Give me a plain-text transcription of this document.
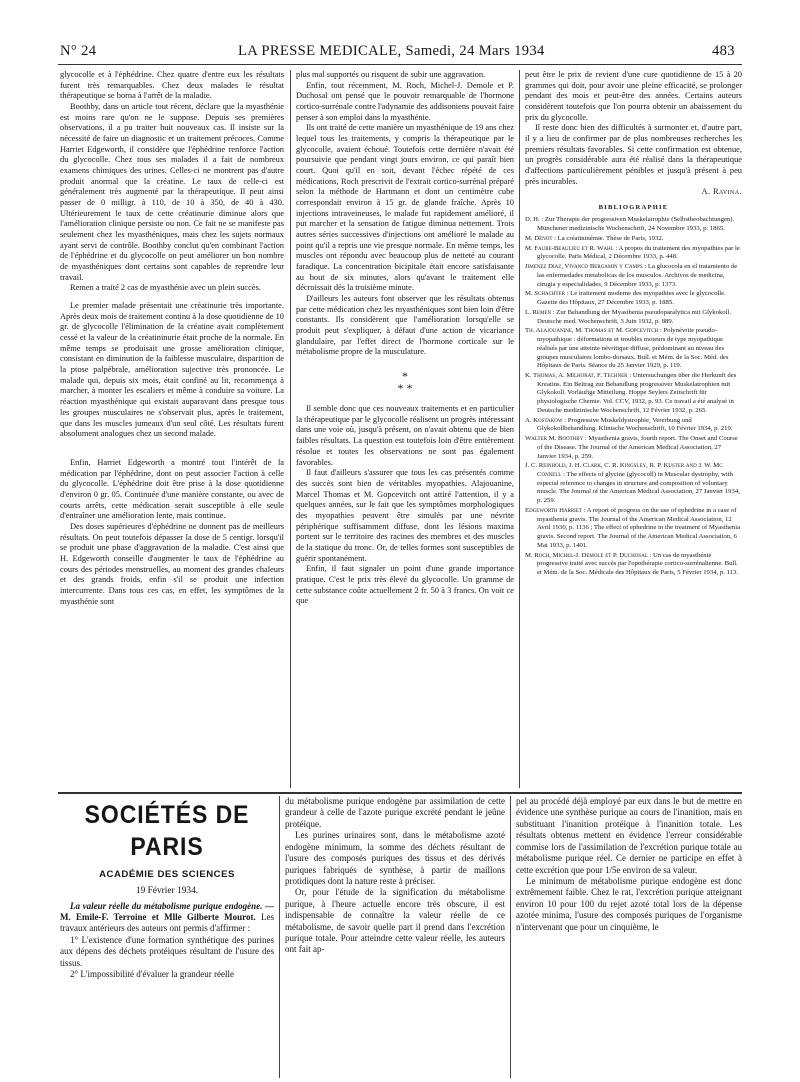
N° 24	LA PRESSE MEDICALE, Samedi, 24 Mars 1934	483

glycocolle et à l'éphédrine. Chez quatre d'entre eux les résultats furent très remarquables. Chez deux malades le résultat thérapeutique se borna à l'arrêt de la maladie.

Boothby, dans un article tout récent, déclare que la myasthénie est moins rare qu'on ne le suppose. Depuis ses premières observations, il a pu traiter huit nouveaux cas. Il insiste sur la nécessité de faire un diagnostic et un traitement précoces. Comme Harriet Edgeworth, il considère que l'éphédrine renforce l'action du glycocolle. Chez tous ses malades il a fait de nombreux examens chimiques des urines. Celles-ci ne montrent pas d'autre produit anormal que la créatine. Le taux de celle-ci est généralement très augmenté par la thérapeutique. Il peut ainsi passer de 0 milligr. à 110, de 10 à 350, de 40 à 430. Ultérieurement le taux de cette créatinurie diminue alors que l'amélioration clinique persiste ou non. Ce fait ne se manifeste pas seulement chez les myasthéniques, mais chez les sujets normaux ayant servi de contrôle. Boothby conclut qu'en combinant l'action de l'éphédrine et du glycocolle on peut améliorer un bon nombre de myasthéniques dont certains sont capables de reprendre leur travail.

Remen a traité 2 cas de myasthénie avec un plein succès.

Le premier malade présentait une créatinurie très importante. Après deux mois de traitement continu à la dose quotidienne de 10 gr. de glycocolle l'élimination de la créatine avait complètement cessé et la valeur de la créatininurie était proche de la normale. En même temps se produisait une grosse amélioration clinique, consistant en diminution de la faiblesse musculaire, disparition de la ptose palpébrale, amélioration sujective très prononcée. Le malade qui, depuis six mois, était confiné au lit, recommença à marcher, à monter les escaliers et même à conduire sa voiture. La réaction myasthénique qui existait auparavant dans presque tous les groupes musculaires ne s'observait plus, après le traitement, que dans les muscles jumeaux d'un seul côté. Les résultats furent absolument analogues chez un second malade.

Enfin, Harriet Edgeworth a montré tout l'intérêt de la médication par l'éphédrine, dont on peut associer l'action à celle du glycocolle. L'éphédrine doit être prise à la dose quotidienne d'environ 0 gr. 05. Continuée d'une manière constante, ou avec de courts arrêts, cette médication serait susceptible à elle seule d'entraîner une amélioration lente, mais continue.

Des doses supérieures d'éphédrine ne donnent pas de meilleurs résultats. On peut toutefois dépasser la dose de 5 centigr. lorsqu'il se produit une phase d'aggravation de la maladie. C'est ainsi que H. Edgeworth conseille d'augmenter le taux de l'éphédrine au cours des périodes menstruelles, au moment des grandes chaleurs et des grands froids, enfin s'il se produit une infection intercurrente. Dans tous ces cas, en effet, les symptômes de la myasthénie sont

plus mal supportés ou risquent de subir une aggravation.

Enfin, tout récemment, M. Roch, Michel-J. Demole et P. Duchosal ont pensé que le pouvoir remarquable de l'hormone cortico-surrénale contre l'adynamie des addisoniens pouvait faire penser à son emploi dans la myasthénie.

Ils ont traité de cette manière un myasthénique de 19 ans chez lequel tous les traitements, y compris la thérapeutique par le glycocolle, avaient échoué. Toutefois cette dernière n'avait été poursuivie que pendant vingt jours environ, ce qui paraît bien court. Quoi qu'il en soit, devant l'échec répété de ces médications, Roch prescrivit de l'extrait cortico-surrénal préparé selon la méthode de Hartmann et dont un centimètre cube correspondait environ à 15 gr. de glande fraîche. Après 10 injections intraveineuses, le malade fut rapidement amélioré, il put marcher et la sensation de fatigue diminua nettement. Trois autres séries successives d'injections ont amélioré le malade au point qu'il a repris une vie presque normale. En même temps, les muscles ont répondu avec beaucoup plus de netteté au courant faradique. La concentration bicipitale était encore satisfaisante au bout de six minutes, alors qu'avant le traitement elle décroissait dès la troisième minute.

D'ailleurs les auteurs font observer que les résultats obtenus par cette médication chez les myasthéniques sont bien loin d'être constants. Ils considèrent que l'amélioration lorsqu'elle se produit peut s'expliquer, à défaut d'une action de vicariance glandulaire, par l'effet direct de l'hormone corticale sur le métabolisme propre de la musculature.

*
* *

Il semble donc que ces nouveaux traitements et en particulier la thérapeutique par le glycocolle réalisent un progrès intéressant dans une voie où, jusqu'à présent, on n'avait obtenu que de bien faibles résultats. La question est toutefois loin d'être entièrement résolue et toutes les observations ne sont pas également favorables.

Il faut d'ailleurs s'assurer que tous les cas présentés comme des succès sont bien de véritables myopathies. Alajouanine, Marcel Thomas et M. Gopcevitch ont attiré l'attention, il y a quelques années, sur le fait que les symptômes morphologiques des myopathies peuvent être simulés par une névrite périphérique suffisamment diffuse, dont les lésions maxima portent sur le territoire des racines des membres et des muscles de la statique du tronc. Or, de telles formes sont susceptibles de guérir spontanément.

Enfin, il faut signaler un point d'une grande importance pratique. C'est le prix très élevé du glycocolle. Un gramme de cette substance coûte actuellement 2 fr. 50 à 3 francs. On voit ce que

peut être le prix de revient d'une cure quotidienne de 15 à 20 grammes qui doit, pour avoir une pleine efficacité, se prolonger pendant des mois et peut-être des années. Certains auteurs considèrent toutefois que l'on pourra obtenir un abaissement du prix du glycocolle.

Il reste donc bien des difficultés à surmonter et, d'autre part, il y a lieu de confirmer par de plus nombreuses recherches les premiers résultats favorables. Si cette confirmation est obtenue, un progrès considérable aura été réalisé dans la thérapeutique d'affections particulièrement pénibles et jusqu'à présent à peu près incurables.

A. Ravina.
BIBLIOGRAPHIE
D. H. : Zur Therapie der progressiven Muskelatrophie (Selbstbeobachtungen). Münchener medizinische Wochenschrift, 24 Novembre 1933, p. 1865.
M. Dénot : La créatininémie. Thèse de Paris, 1932.
M. Faure-Beaulieu et R. Wahl : A propos du traitement des myopathies par le glycocolle. Paris Médical, 2 Décembre 1933, p. 448.
Jimenez Diaz, Vivanco Bergamin y Camps : La glucocola en el tratamiento de las enfermedades metabolicas de los musculos. Archivos de medicina, cirugia y especialidades, 9 Décembre 1933, p. 1373.
M. Schachter : Le traitement moderne des myopathies avec le glycocolle. Gazette des Hôpitaux, 27 Décembre 1933, p. 1885.
L. Remen : Zur Behandlung der Myasthenia pseudoparalytica mit Glykokoll. Deutsche med. Wochenschrift, 3 Juin 1932, p. 889.
Th. Alajouanine, M. Thomas et M. Gopcevitch : Polynévrite pseudo-myopathique : déformations et troubles moteurs de type myopathique réalisés par une atteinte névritique diffuse, prédominant au niveau des groupes musculaires lombo-dorsaux. Bull. et Mém. de la Soc. Méd. des Hôpitaux de Paris. Séance du 25 Janvier 1929, p. 119.
K. Thomas, A. Milhorat, F. Techner : Untersuchungen über die Herkunft des Kreatins. Ein Beitrag zur Behandlung progressiver Muskelatrophien mit Glykokoll. Vorläufige Mitteilung. Hoppe Seylers Zeitschrift für physiologische Chemie. Vol. CCV, 1932, p. 93. Ce travail a été analysé in Deutsche medizinische Wochenschrift, 12 Février 1932, p. 265.
A. Kostakow : Progressive Muskeldystrophie, Vererbung und Glykokollbehandlung. Klinische Wochenschrift, 10 Février 1934, p. 219.
Walter M. Boothby : Myasthenia gravis, fourth report. The Onset and Course of the Disease. The Journal of the American Medical Association, 27 Janvier 1934, p. 259.
J. C. Reinhold, J. H. Clark, C. R. Kingsley, R. P. Kuster and J. W. Mc Connell : The effects of glycine (glycocoll) in Muscular dystrophy, with especial reference to changes in structure and composition of voluntary muscle. The Journal of the American Medical Association, 27 Janvier 1934, p. 259.
Edgeworth Harriet : A report of progress on the use of ephedrine in a case of myasthenia gravis. The Journal of the American Medical Association, 12 Avril 1930, p. 1136 ; The effect of ephedrine in the treatment of Myasthenia gravis. Second report. The Journal of the American Medical Association, 6 Mai 1933, p. 1401.
M. Roch, Michel-J. Demole et P. Duchosal : Un cas de myasthénie progressive traité avec succès par l'opothérapie cortico-surrénalienne. Bull. et Mém. de la Soc. Médicale des Hôpitaux de Paris, 5 Février 1934, p. 113.
SOCIÉTÉS DE PARIS
ACADÉMIE DES SCIENCES
19 Février 1934.

La valeur réelle du métabolisme purique endogène. — M. Emile-F. Terroine et Mlle Gilberte Mourot. Les travaux antérieurs des auteurs ont permis d'affirmer :

1° L'existence d'une formation synthétique des purines aux dépens des déchets protéiques résultant de l'usure des tissus.

2° L'impossibilité d'évaluer la grandeur réelle

du métabolisme purique endogène par assimilation de cette grandeur à celle de l'azote purique excrété pendant le jeûne protéique.

Les purines urinaires sont, dans le métabolisme azoté endogène minimum, la somme des déchets résultant de l'usure des composés puriques des tissus et des dérivés puriques fabriqués de synthèse, à partir de maillons protidiques dont la nature reste à préciser.

Or, pour l'étude de la signification du métabolisme purique, à l'heure actuelle encore très obscure, il est indispensable de connaître la valeur réelle de ce métabolisme, de savoir quelle part il prend dans l'excrétion purique totale. Pour atteindre cette valeur réelle, les auteurs ont fait ap-

pel au procédé déjà employé par eux dans le but de mettre en évidence une synthèse purique au cours de l'inanition, mais en substituant l'inanition protéique à l'inanition totale. Les résultats obtenus mettent en évidence l'erreur considérable commise lors de l'assimilation de l'excrétion purique totale au métabolisme purique réel. Ce dernier ne participe en effet à cette excrétion que pour 1/5e environ de sa valeur.

Le minimum de métabolisme purique endogène est donc extrêmement faible. Chez le rat, l'excrétion purique atteignant environ 10 pour 100 du rejet azoté total lors de la dépense azotée minima, l'usure des composés puriques de l'organisme n'intervenant que pour un cinquième, le
